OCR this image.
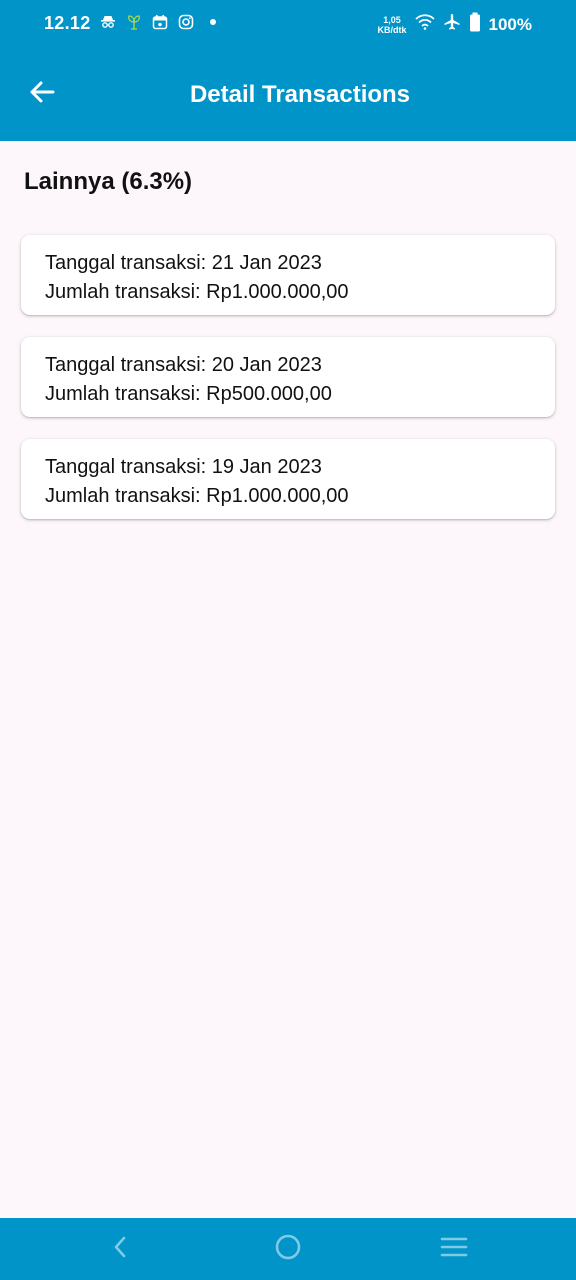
12.12	1,05
KB/dtk	100%
Detail Transactions
Lainnya (6.3%)
Tanggal transaksi: 21 Jan 2023
Jumlah transaksi: Rp1.000.000,00
Tanggal transaksi: 20 Jan 2023
Jumlah transaksi: Rp500.000,00
Tanggal transaksi: 19 Jan 2023
Jumlah transaksi: Rp1.000.000,00
